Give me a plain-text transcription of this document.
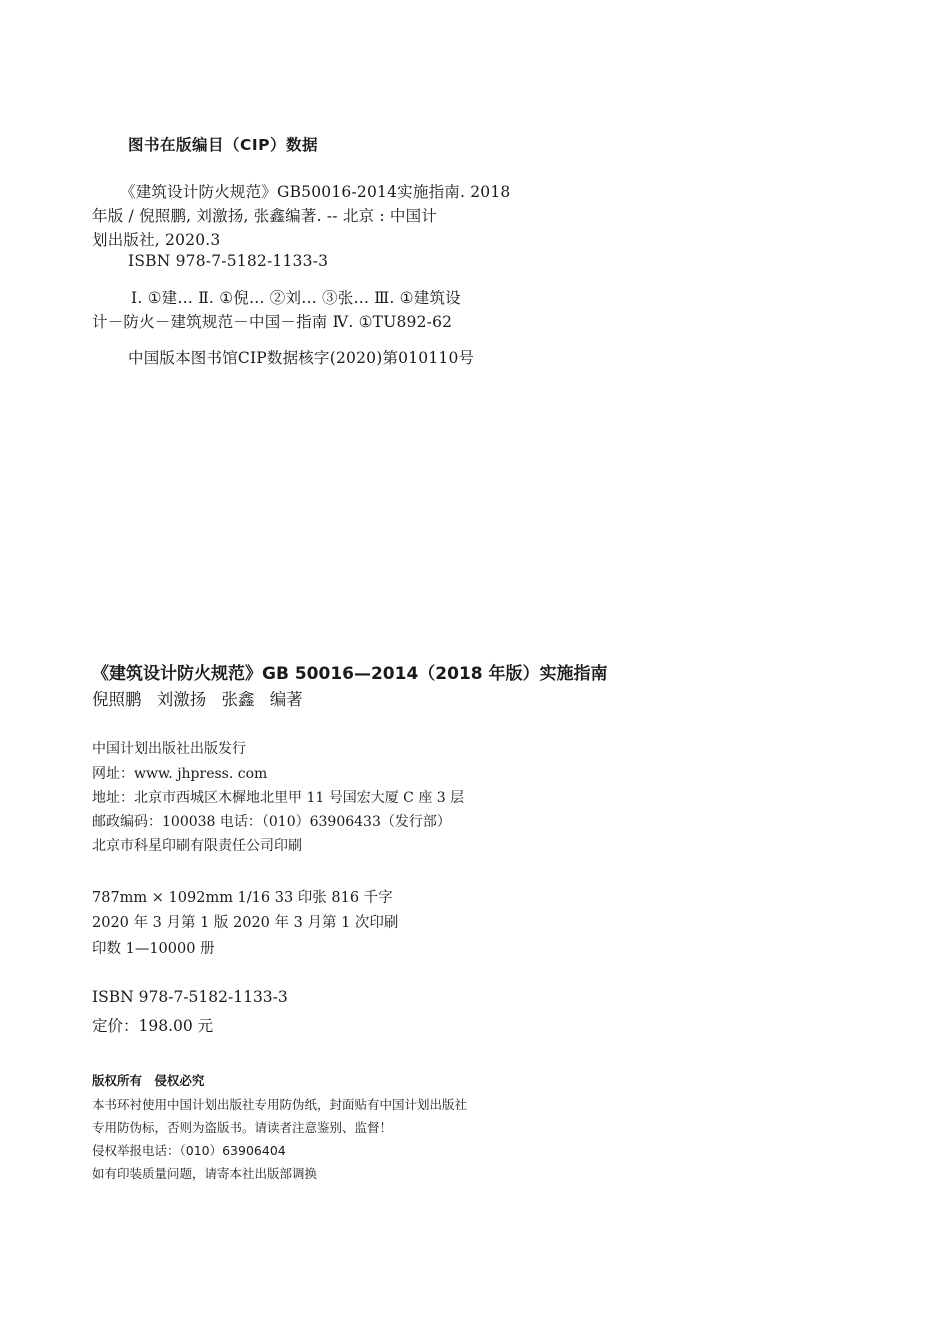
图书在版编目（CIP）数据
《建筑设计防火规范》GB50016-2014实施指南. 2018
年版 / 倪照鹏, 刘激扬, 张鑫编著. -- 北京 : 中国计
划出版社, 2020.3
ISBN 978-7-5182-1133-3
Ⅰ. ①建… Ⅱ. ①倪… ②刘… ③张… Ⅲ. ①建筑设
计－防火－建筑规范－中国－指南 Ⅳ. ①TU892-62
中国版本图书馆CIP数据核字(2020)第010110号
《建筑设计防火规范》GB 50016—2014（2018 年版）实施指南
倪照鹏 刘激扬 张鑫 编著
中国计划出版社出版发行
网址：www. jhpress. com
地址：北京市西城区木樨地北里甲 11 号国宏大厦 C 座 3 层
邮政编码：100038 电话：（010）63906433（发行部）
北京市科星印刷有限责任公司印刷
787mm × 1092mm 1/16 33 印张 816 千字
2020 年 3 月第 1 版 2020 年 3 月第 1 次印刷
印数 1—10000 册
ISBN 978-7-5182-1133-3
定价：198.00 元
版权所有 侵权必究
本书环衬使用中国计划出版社专用防伪纸，封面贴有中国计划出版社
专用防伪标，否则为盗版书。请读者注意鉴别、监督！
侵权举报电话：（010）63906404
如有印装质量问题，请寄本社出版部调换
